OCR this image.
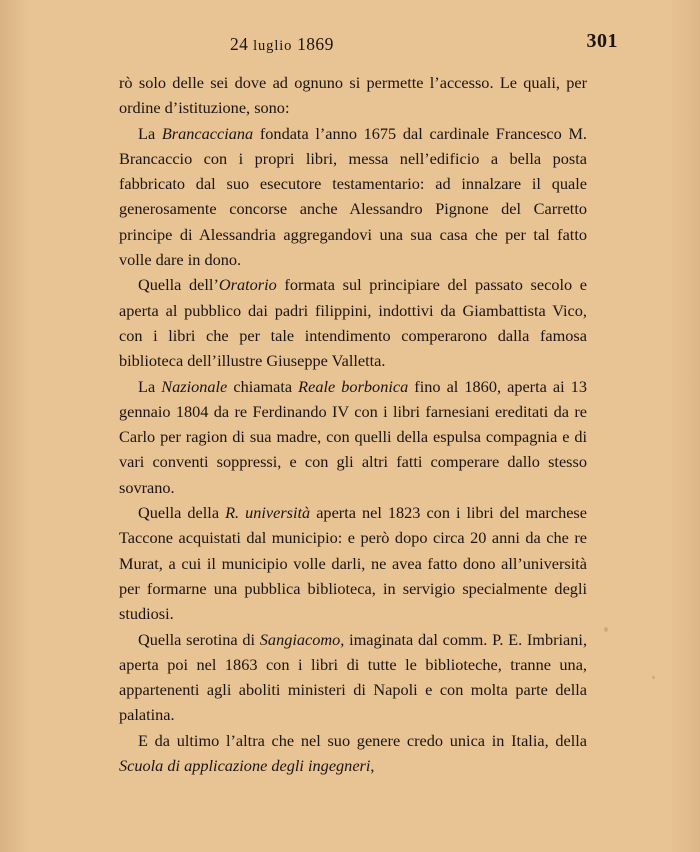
24 luglio 1869	301

rò solo delle sei dove ad ognuno si permette l’accesso. Le quali, per ordine d’istituzione, sono:

La Brancacciana fondata l’anno 1675 dal cardinale Francesco M. Brancaccio con i propri libri, messa nell’edificio a bella posta fabbricato dal suo esecutore testamentario: ad innalzare il quale generosamente concorse anche Alessandro Pignone del Carretto principe di Alessandria aggregandovi una sua casa che per tal fatto volle dare in dono.

Quella dell’Oratorio formata sul principiare del passato secolo e aperta al pubblico dai padri filippini, indottivi da Giambattista Vico, con i libri che per tale intendimento comperarono dalla famosa biblioteca dell’illustre Giuseppe Valletta.

La Nazionale chiamata Reale borbonica fino al 1860, aperta ai 13 gennaio 1804 da re Ferdinando IV con i libri farnesiani ereditati da re Carlo per ragion di sua madre, con quelli della espulsa compagnia e di vari conventi soppressi, e con gli altri fatti comperare dallo stesso sovrano.

Quella della R. università aperta nel 1823 con i libri del marchese Taccone acquistati dal municipio: e però dopo circa 20 anni da che re Murat, a cui il municipio volle darli, ne avea fatto dono all’università per formarne una pubblica biblioteca, in servigio specialmente degli studiosi.

Quella serotina di Sangiacomo, imaginata dal comm. P. E. Imbriani, aperta poi nel 1863 con i libri di tutte le biblioteche, tranne una, appartenenti agli aboliti ministeri di Napoli e con molta parte della palatina.

E da ultimo l’altra che nel suo genere credo unica in Italia, della Scuola di applicazione degli ingegneri,
